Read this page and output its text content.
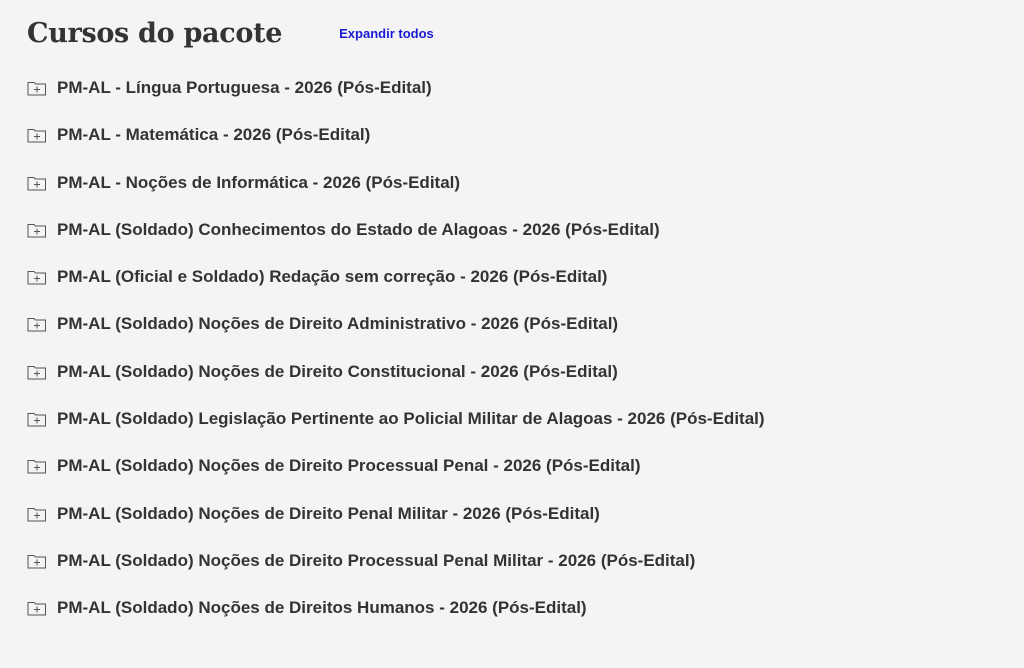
Cursos do pacote	Expandir todos
PM-AL - Língua Portuguesa - 2026 (Pós-Edital)
PM-AL - Matemática - 2026 (Pós-Edital)
PM-AL - Noções de Informática - 2026 (Pós-Edital)
PM-AL (Soldado) Conhecimentos do Estado de Alagoas - 2026 (Pós-Edital)
PM-AL (Oficial e Soldado) Redação sem correção - 2026 (Pós-Edital)
PM-AL (Soldado) Noções de Direito Administrativo - 2026 (Pós-Edital)
PM-AL (Soldado) Noções de Direito Constitucional - 2026 (Pós-Edital)
PM-AL (Soldado) Legislação Pertinente ao Policial Militar de Alagoas - 2026 (Pós-Edital)
PM-AL (Soldado) Noções de Direito Processual Penal - 2026 (Pós-Edital)
PM-AL (Soldado) Noções de Direito Penal Militar - 2026 (Pós-Edital)
PM-AL (Soldado) Noções de Direito Processual Penal Militar - 2026 (Pós-Edital)
PM-AL (Soldado) Noções de Direitos Humanos - 2026 (Pós-Edital)
